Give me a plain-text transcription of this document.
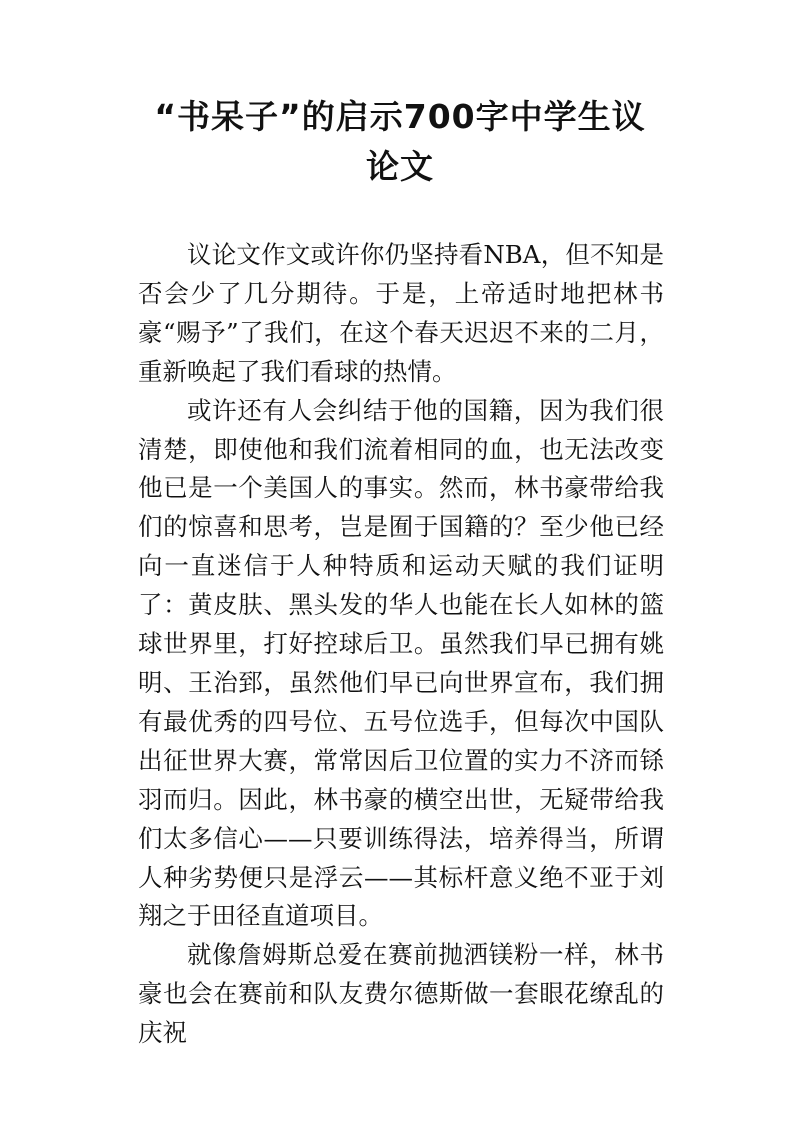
“书呆子”的启示700字中学生议论文

议论文作文或许你仍坚持看NBA，但不知是否会少了几分期待。于是，上帝适时地把林书豪“赐予”了我们，在这个春天迟迟不来的二月，重新唤起了我们看球的热情。

或许还有人会纠结于他的国籍，因为我们很清楚，即使他和我们流着相同的血，也无法改变他已是一个美国人的事实。然而，林书豪带给我们的惊喜和思考，岂是囿于国籍的？至少他已经向一直迷信于人种特质和运动天赋的我们证明了：黄皮肤、黑头发的华人也能在长人如林的篮球世界里，打好控球后卫。虽然我们早已拥有姚明、王治郅，虽然他们早已向世界宣布，我们拥有最优秀的四号位、五号位选手，但每次中国队出征世界大赛，常常因后卫位置的实力不济而铩羽而归。因此，林书豪的横空出世，无疑带给我们太多信心——只要训练得法，培养得当，所谓人种劣势便只是浮云——其标杆意义绝不亚于刘翔之于田径直道项目。

就像詹姆斯总爱在赛前抛洒镁粉一样，林书豪也会在赛前和队友费尔德斯做一套眼花缭乱的庆祝
